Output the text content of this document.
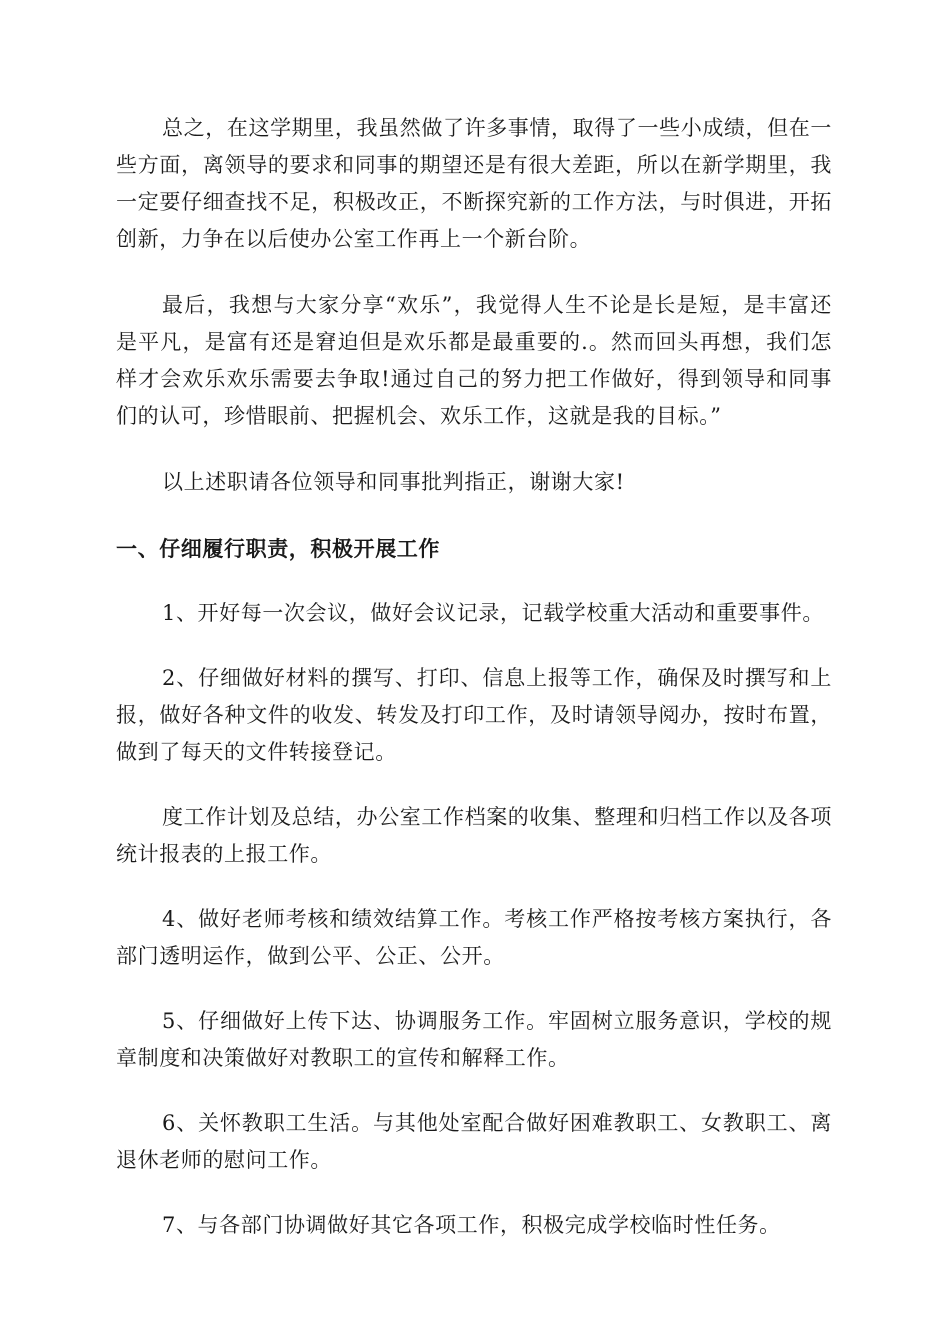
总之，在这学期里，我虽然做了许多事情，取得了一些小成绩，但在一些方面，离领导的要求和同事的期望还是有很大差距，所以在新学期里，我一定要仔细查找不足，积极改正，不断探究新的工作方法，与时俱进，开拓创新，力争在以后使办公室工作再上一个新台阶。

最后，我想与大家分享“欢乐”，我觉得人生不论是长是短，是丰富还是平凡，是富有还是窘迫但是欢乐都是最重要的.。然而回头再想，我们怎样才会欢乐欢乐需要去争取!通过自己的努力把工作做好，得到领导和同事们的认可，珍惜眼前、把握机会、欢乐工作，这就是我的目标。”

以上述职请各位领导和同事批判指正，谢谢大家!

一、仔细履行职责，积极开展工作

1、开好每一次会议，做好会议记录，记载学校重大活动和重要事件。

2、仔细做好材料的撰写、打印、信息上报等工作，确保及时撰写和上报，做好各种文件的收发、转发及打印工作，及时请领导阅办，按时布置，做到了每天的文件转接登记。

度工作计划及总结，办公室工作档案的收集、整理和归档工作以及各项统计报表的上报工作。

4、做好老师考核和绩效结算工作。考核工作严格按考核方案执行，各部门透明运作，做到公平、公正、公开。

5、仔细做好上传下达、协调服务工作。牢固树立服务意识，学校的规章制度和决策做好对教职工的宣传和解释工作。

6、关怀教职工生活。与其他处室配合做好困难教职工、女教职工、离退休老师的慰问工作。

7、与各部门协调做好其它各项工作，积极完成学校临时性任务。
